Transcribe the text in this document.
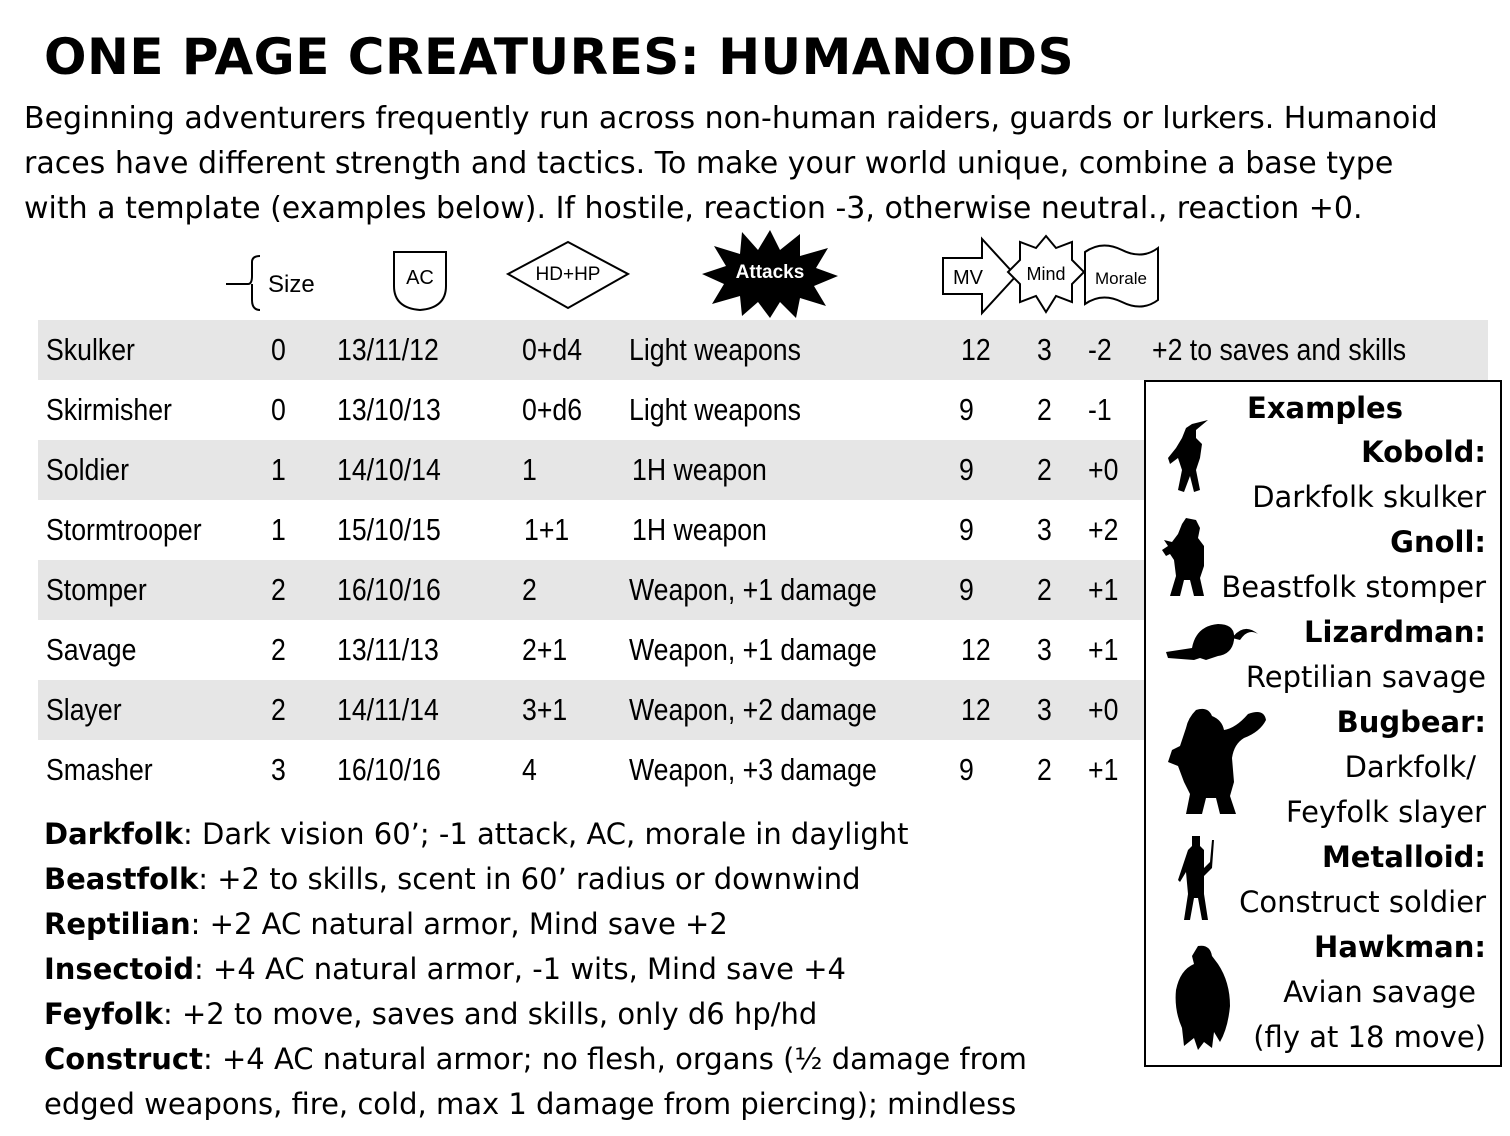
ONE PAGE CREATURES: HUMANOIDS
Beginning adventurers frequently run across non-human raiders, guards or lurkers. Humanoid
races have different strength and tactics. To make your world unique, combine a base type
with a template (examples below). If hostile, reaction -3, otherwise neutral., reaction +0.
Size	AC	HD+HP	Attacks	MV Mind Morale
Skulker	0 13/11/12	0+d4 Light weapons	12 3 -2 +2 to saves and skills
Skirmisher	0 13/10/13	0+d6 Light weapons	9 2 -1
Soldier	1 14/10/14	1	1H weapon	9 2 +0
Stormtrooper 1 15/10/15	1+1 1H weapon	9 3 +2
Stomper	2 16/10/16	2	Weapon, +1 damage	9 2 +1
Savage	2 13/11/13	2+1 Weapon, +1 damage	12 3 +1
Slayer	2 14/11/14	3+1 Weapon, +2 damage	12 3 +0
Smasher	3 16/10/16	4	Weapon, +3 damage	9 2 +1
Darkfolk: Dark vision 60’; -1 attack, AC, morale in daylight
Beastfolk: +2 to skills, scent in 60’ radius or downwind
Reptilian: +2 AC natural armor, Mind save +2
Insectoid: +4 AC natural armor, -1 wits, Mind save +4
Feyfolk: +2 to move, saves and skills, only d6 hp/hd
Construct: +4 AC natural armor; no flesh, organs (½ damage from
edged weapons, fire, cold, max 1 damage from piercing); mindless
Examples
Kobold:
Darkfolk skulker
Gnoll:
Beastfolk stomper
Lizardman:
Reptilian savage
Bugbear:
Darkfolk/
Feyfolk slayer
Metalloid:
Construct soldier
Hawkman:
Avian savage
(fly at 18 move)
